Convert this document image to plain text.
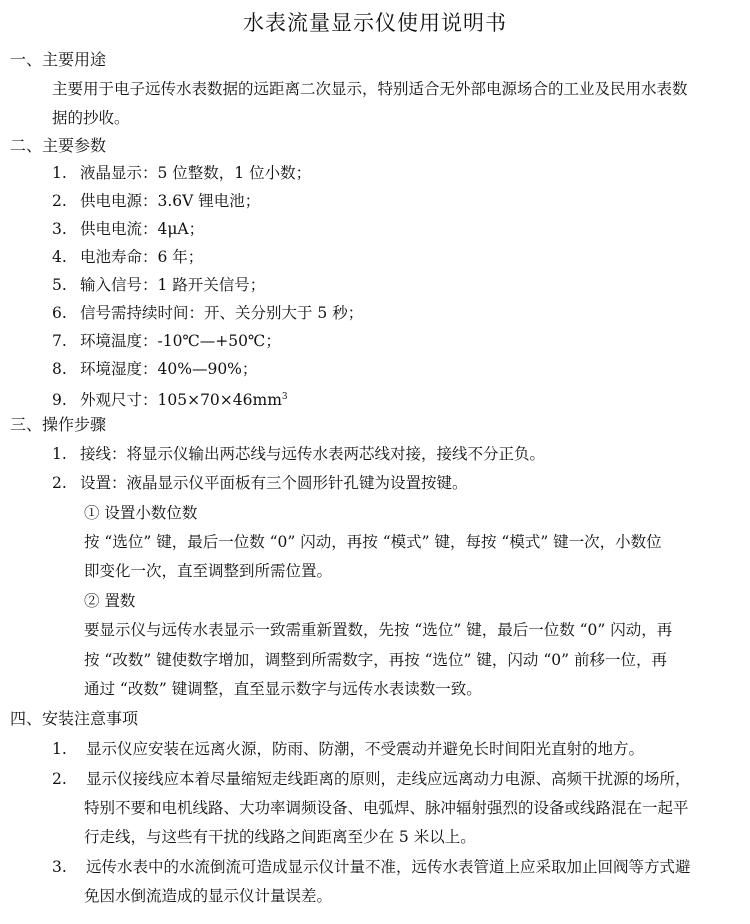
水表流量显示仪使用说明书
一、主要用途
主要用于电子远传水表数据的远距离二次显示，特别适合无外部电源场合的工业及民用水表数
据的抄收。
二、主要参数
1. 液晶显示：5 位整数，1 位小数；
2. 供电电源：3.6V 锂电池；
3. 供电电流：4μA；
4. 电池寿命：6 年；
5. 输入信号：1 路开关信号；
6. 信号需持续时间：开、关分别大于 5 秒；
7. 环境温度：-10℃—+50℃；
8. 环境湿度：40%—90%；
9. 外观尺寸：$105\times 70\times 46mm^3$
三、操作步骤
1. 接线：将显示仪输出两芯线与远传水表两芯线对接，接线不分正负。
2. 设置：液晶显示仪平面板有三个圆形针孔键为设置按键。
① 设置小数位数
按 “选位” 键，最后一位数 “0” 闪动，再按 “模式” 键，每按 “模式” 键一次，小数位
即变化一次，直至调整到所需位置。
② 置数
要显示仪与远传水表显示一致需重新置数，先按 “选位” 键，最后一位数 “0” 闪动，再
按 “改数” 键使数字增加，调整到所需数字，再按 “选位” 键，闪动 “0” 前移一位，再
通过 “改数” 键调整，直至显示数字与远传水表读数一致。
四、安装注意事项
1. 显示仪应安装在远离火源，防雨、防潮，不受震动并避免长时间阳光直射的地方。
2. 显示仪接线应本着尽量缩短走线距离的原则，走线应远离动力电源、高频干扰源的场所，
特别不要和电机线路、大功率调频设备、电弧焊、脉冲辐射强烈的设备或线路混在一起平
行走线，与这些有干扰的线路之间距离至少在 5 米以上。
3. 远传水表中的水流倒流可造成显示仪计量不准，远传水表管道上应采取加止回阀等方式避
免因水倒流造成的显示仪计量误差。
